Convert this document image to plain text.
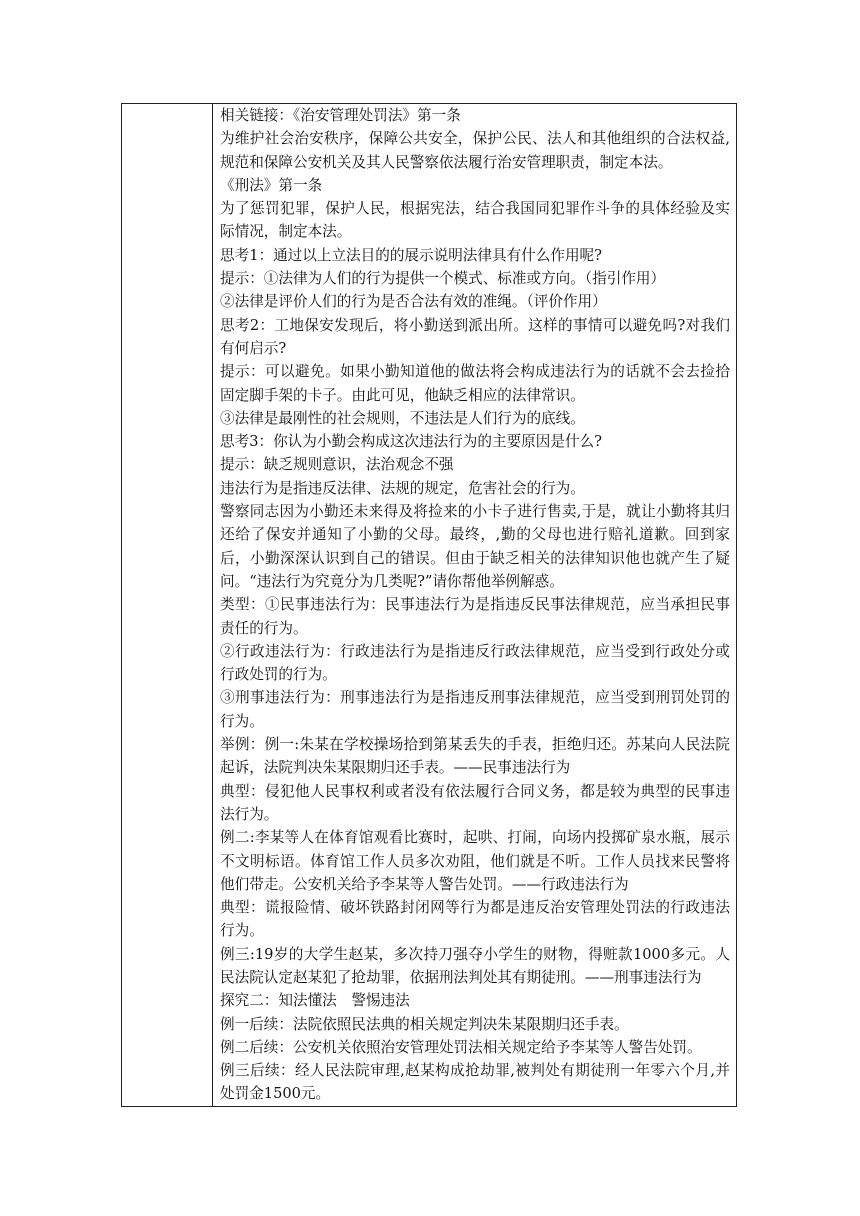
相关链接：《治安管理处罚法》第一条

为维护社会治安秩序，保障公共安全，保护公民、法人和其他组织的合法权益,规范和保障公安机关及其人民警察依法履行治安管理职责，制定本法。

《刑法》第一条

为了惩罚犯罪，保护人民，根据宪法，结合我国同犯罪作斗争的具体经验及实际情况，制定本法。

思考1：通过以上立法目的的展示说明法律具有什么作用呢?

提示：①法律为人们的行为提供一个模式、标准或方向。（指引作用）

②法律是评价人们的行为是否合法有效的准绳。（评价作用）

思考2：工地保安发现后，将小勤送到派出所。这样的事情可以避免吗?对我们有何启示?

提示：可以避免。如果小勤知道他的做法将会构成违法行为的话就不会去捡拾固定脚手架的卡子。由此可见，他缺乏相应的法律常识。

③法律是最刚性的社会规则，不违法是人们行为的底线。

思考3：你认为小勤会构成这次违法行为的主要原因是什么?

提示：缺乏规则意识，法治观念不强

违法行为是指违反法律、法规的规定，危害社会的行为。

警察同志因为小勤还未来得及将捡来的小卡子进行售卖,于是，就让小勤将其归还给了保安并通知了小勤的父母。最终，,勤的父母也进行赔礼道歉。回到家后，小勤深深认识到自己的错误。但由于缺乏相关的法律知识他也就产生了疑问。“违法行为究竟分为几类呢?”请你帮他举例解惑。

类型：①民事违法行为：民事违法行为是指违反民事法律规范，应当承担民事责任的行为。

②行政违法行为：行政违法行为是指违反行政法律规范，应当受到行政处分或行政处罚的行为。

③刑事违法行为：刑事违法行为是指违反刑事法律规范，应当受到刑罚处罚的行为。

举例：例一:朱某在学校操场拾到第某丢失的手表，拒绝归还。苏某向人民法院起诉，法院判决朱某限期归还手表。——民事违法行为

典型：侵犯他人民事权利或者没有依法履行合同义务，都是较为典型的民事违法行为。

例二:李某等人在体育馆观看比赛时，起哄、打闹，向场内投掷矿泉水瓶，展示不文明标语。体育馆工作人员多次劝阻，他们就是不听。工作人员找来民警将他们带走。公安机关给予李某等人警告处罚。——行政违法行为

典型：谎报险情、破坏铁路封闭网等行为都是违反治安管理处罚法的行政违法行为。

例三:19岁的大学生赵某，多次持刀强夺小学生的财物，得赃款1000多元。人民法院认定赵某犯了抢劫罪，依据刑法判处其有期徒刑。——刑事违法行为

探究二：知法懂法　警惕违法

例一后续：法院依照民法典的相关规定判决朱某限期归还手表。

例二后续：公安机关依照治安管理处罚法相关规定给予李某等人警告处罚。

例三后续：经人民法院审理,赵某构成抢劫罪,被判处有期徒刑一年零六个月,并处罚金1500元。
